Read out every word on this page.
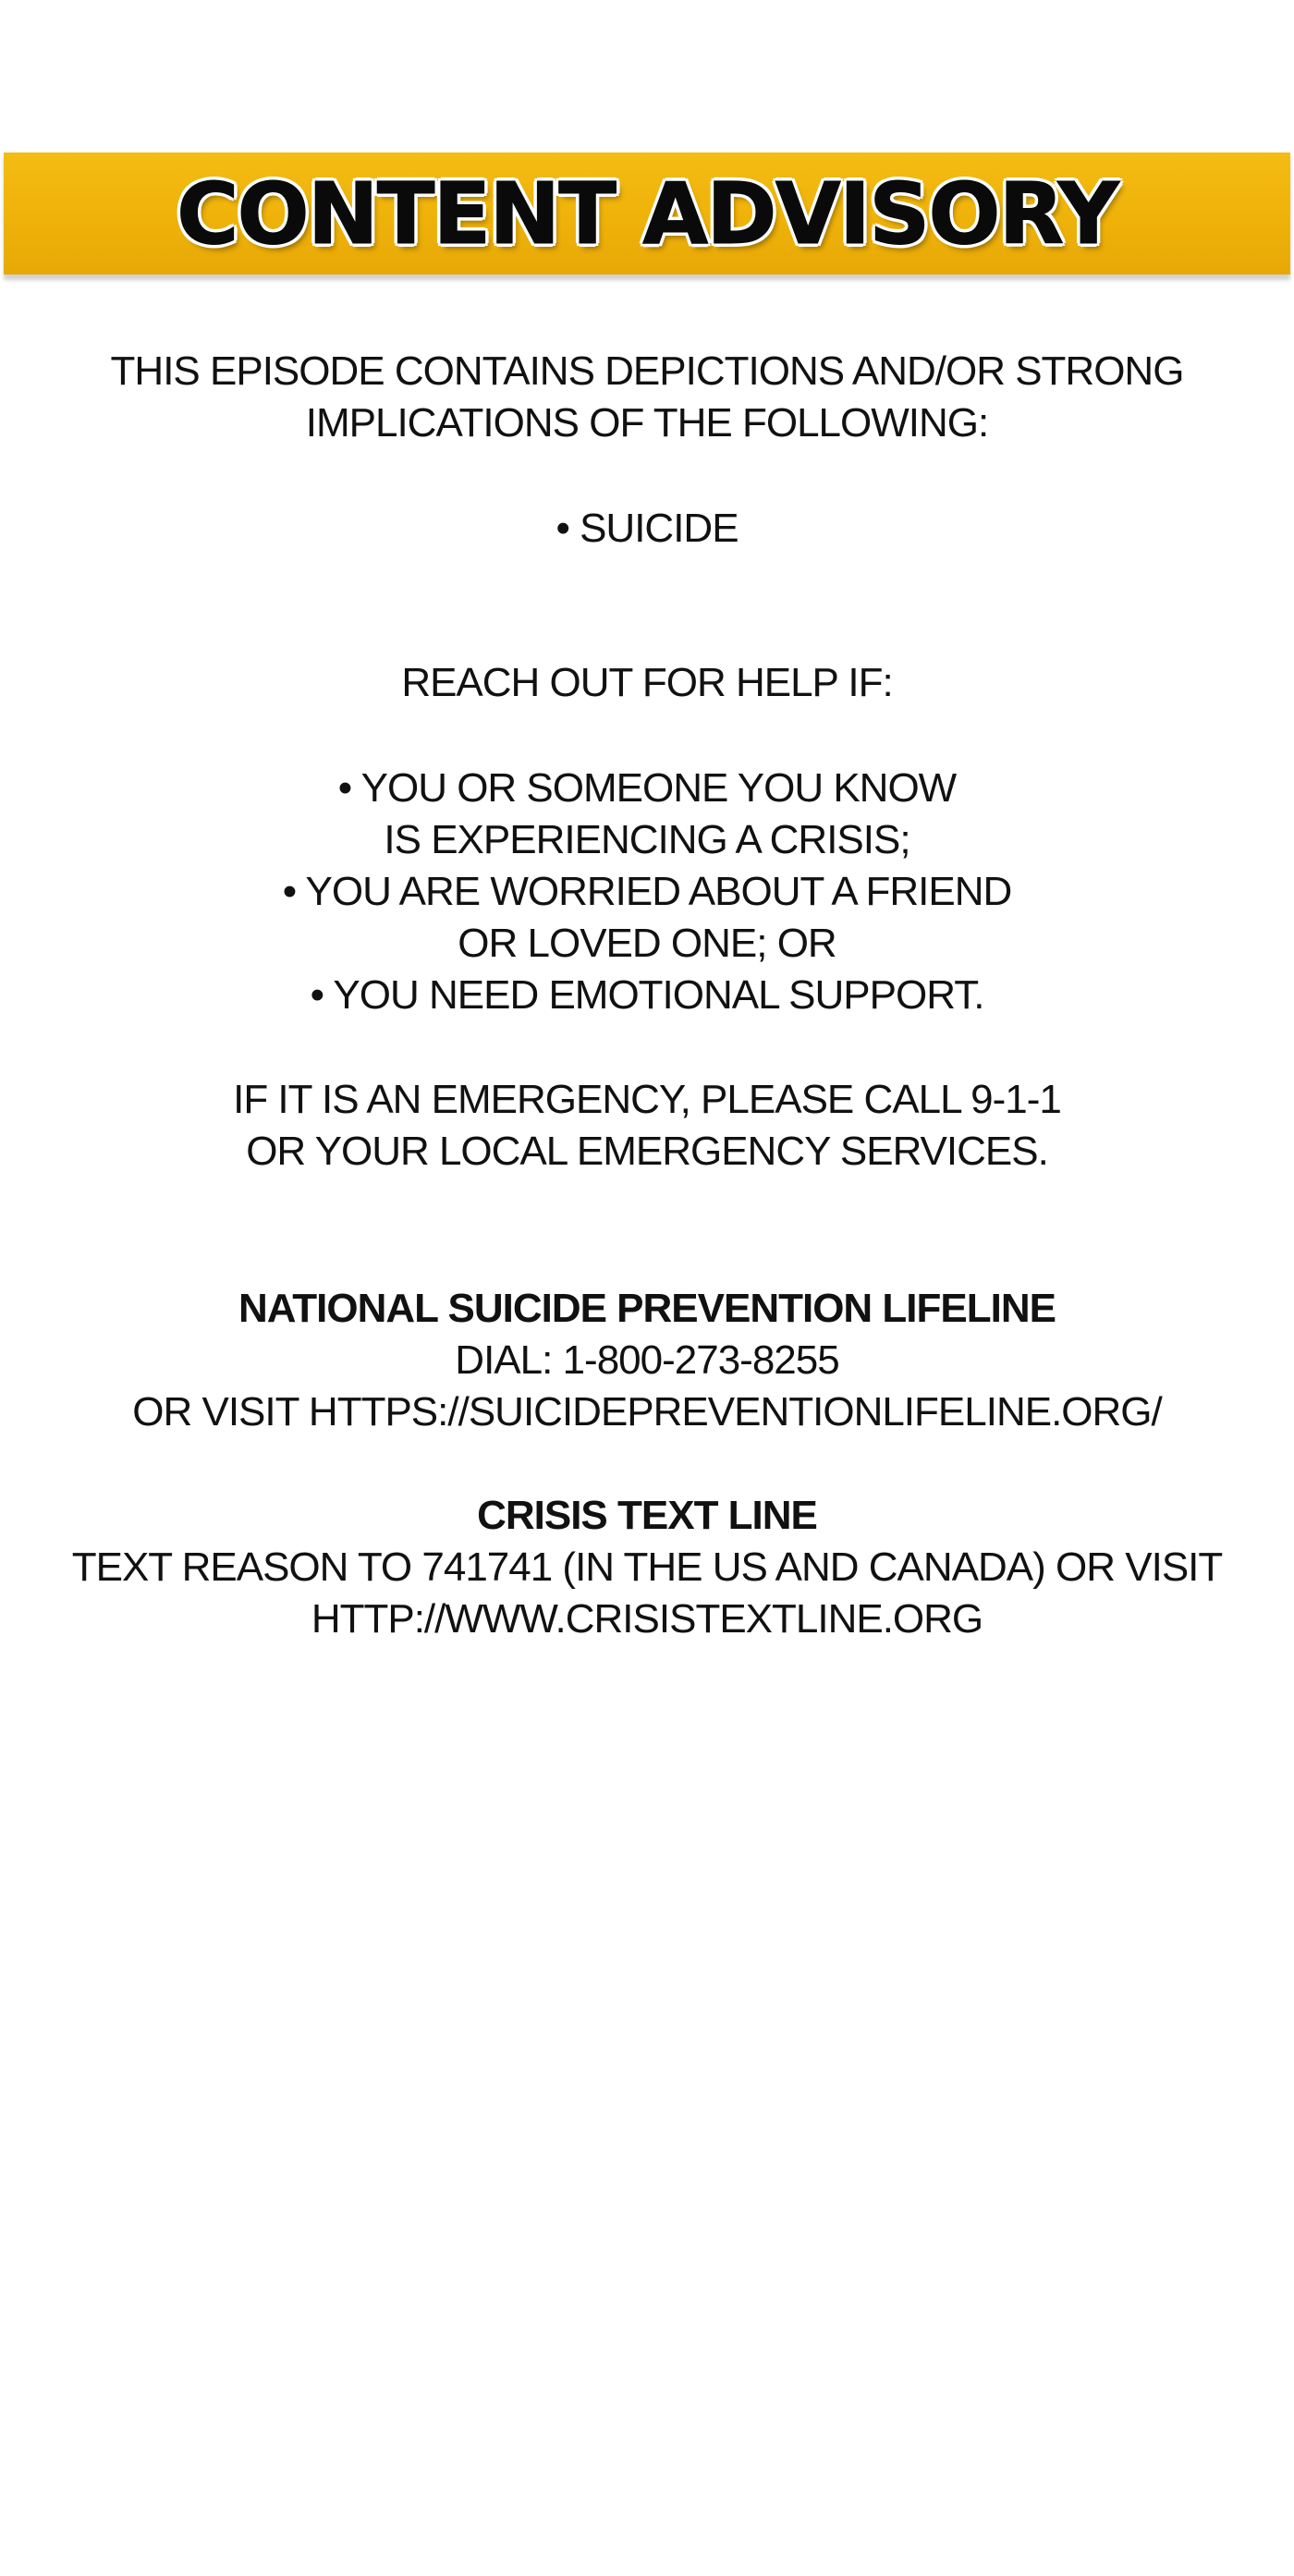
CONTENT ADVISORY
THIS EPISODE CONTAINS DEPICTIONS AND/OR STRONG
IMPLICATIONS OF THE FOLLOWING:
• SUICIDE
REACH OUT FOR HELP IF:
• YOU OR SOMEONE YOU KNOW
IS EXPERIENCING A CRISIS;
• YOU ARE WORRIED ABOUT A FRIEND
OR LOVED ONE; OR
• YOU NEED EMOTIONAL SUPPORT.
IF IT IS AN EMERGENCY, PLEASE CALL 9-1-1
OR YOUR LOCAL EMERGENCY SERVICES.
NATIONAL SUICIDE PREVENTION LIFELINE
DIAL: 1-800-273-8255
OR VISIT HTTPS://SUICIDEPREVENTIONLIFELINE.ORG/
CRISIS TEXT LINE
TEXT REASON TO 741741 (IN THE US AND CANADA) OR VISIT
HTTP://WWW.CRISISTEXTLINE.ORG
